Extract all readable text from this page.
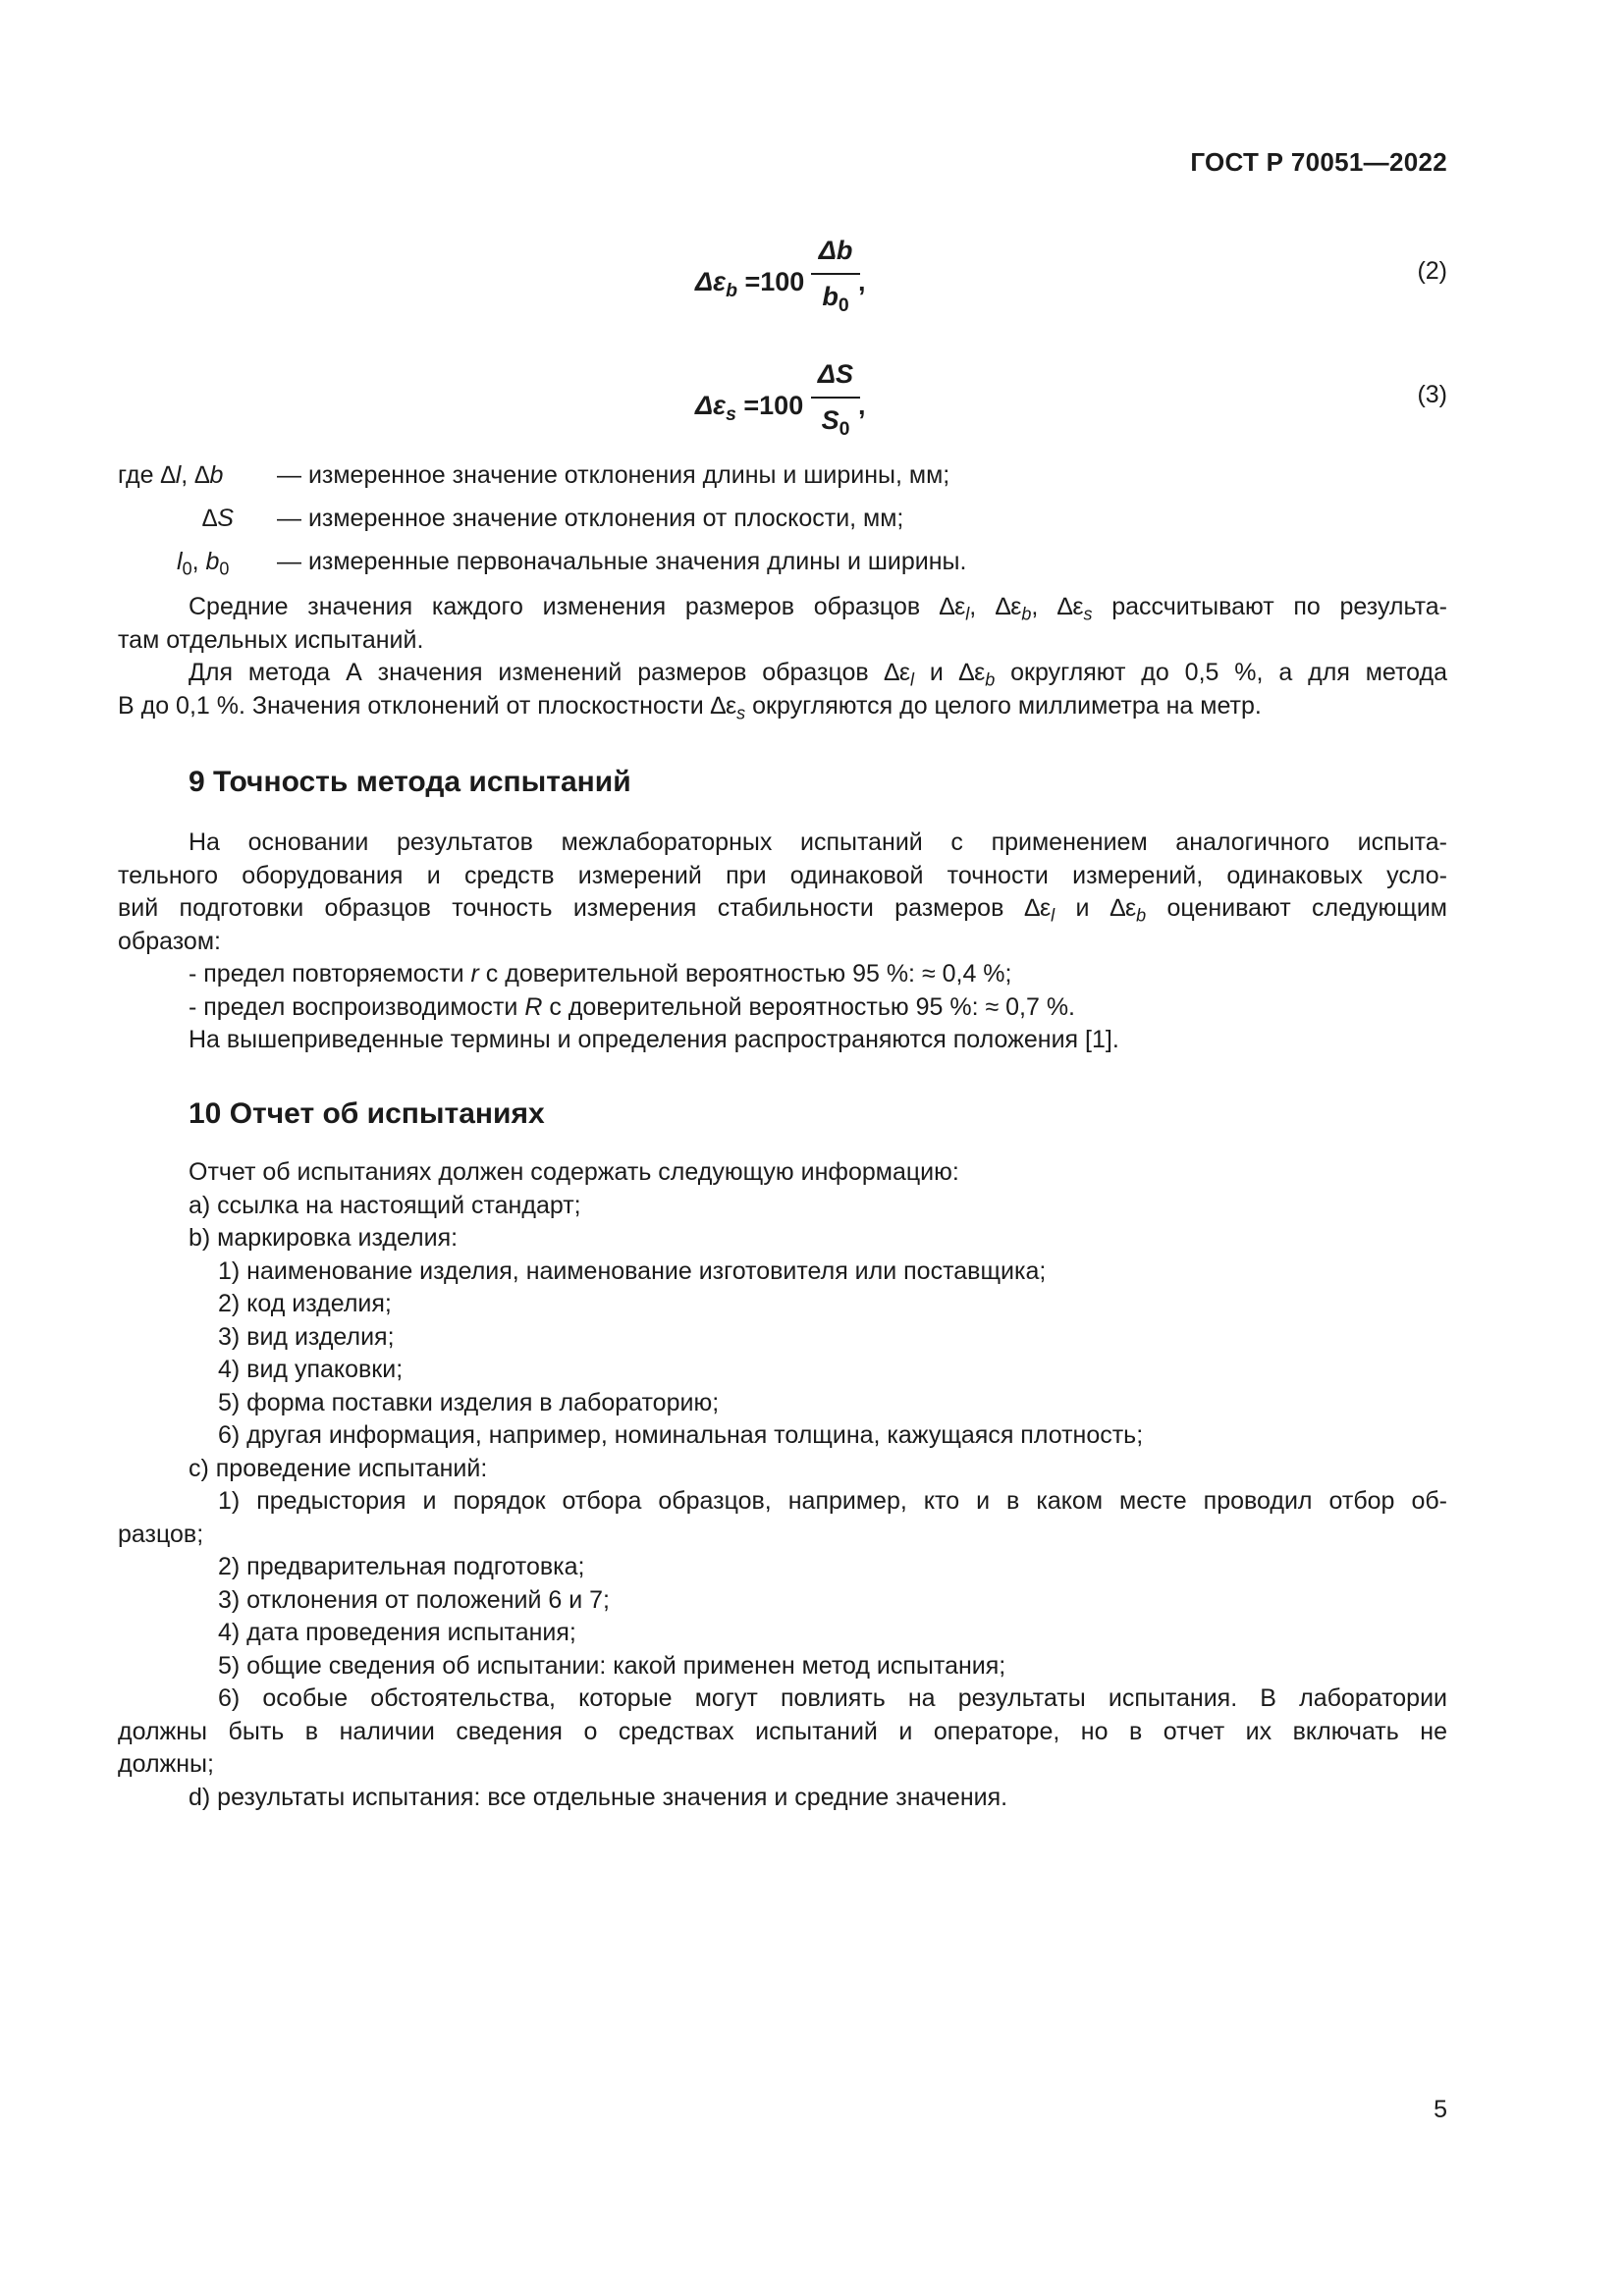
ГОСТ Р 70051—2022
$\Delta\varepsilon_b =100$
Δb
$b_0$
,	(2)
$\Delta\varepsilon_s =100$
ΔS
$S_0$
,	(3)
где ∆l, ∆b — измеренное значение отклонения длины и ширины, мм;
∆S — измеренное значение отклонения от плоскости, мм;
$l_0$, $b_0$ — измеренные первоначальные значения длины и ширины.

Средние значения каждого изменения размеров образцов $\Delta\varepsilon_l$, $\Delta\varepsilon_b$, $\Delta\varepsilon_s$ рассчитывают по результа-

там отдельных испытаний.

Для метода А значения изменений размеров образцов $\Delta\varepsilon_l$ и $\Delta\varepsilon_b$ округляют до 0,5 %, а для метода

В до 0,1 %. Значения отклонений от плоскостности $\Delta\varepsilon_s$ округляются до целого миллиметра на метр.

9 Точность метода испытаний

На основании результатов межлабораторных испытаний с применением аналогичного испыта-

тельного оборудования и средств измерений при одинаковой точности измерений, одинаковых усло-

вий подготовки образцов точность измерения стабильности размеров $\Delta\varepsilon_l$ и $\Delta\varepsilon_b$ оценивают следующим

образом:

- предел повторяемости r с доверительной вероятностью 95 %: ≈ 0,4 %;

- предел воспроизводимости R с доверительной вероятностью 95 %: ≈ 0,7 %.

На вышеприведенные термины и определения распространяются положения [1].

10 Отчет об испытаниях

Отчет об испытаниях должен содержать следующую информацию:

a) ссылка на настоящий стандарт;

b) маркировка изделия:

1) наименование изделия, наименование изготовителя или поставщика;

2) код изделия;

3) вид изделия;

4) вид упаковки;

5) форма поставки изделия в лабораторию;

6) другая информация, например, номинальная толщина, кажущаяся плотность;

c) проведение испытаний:

1) предыстория и порядок отбора образцов, например, кто и в каком месте проводил отбор об-

разцов;

2) предварительная подготовка;

3) отклонения от положений 6 и 7;

4) дата проведения испытания;

5) общие сведения об испытании: какой применен метод испытания;

6) особые обстоятельства, которые могут повлиять на результаты испытания. В лаборатории

должны быть в наличии сведения о средствах испытаний и операторе, но в отчет их включать не

должны;

d) результаты испытания: все отдельные значения и средние значения.

5
